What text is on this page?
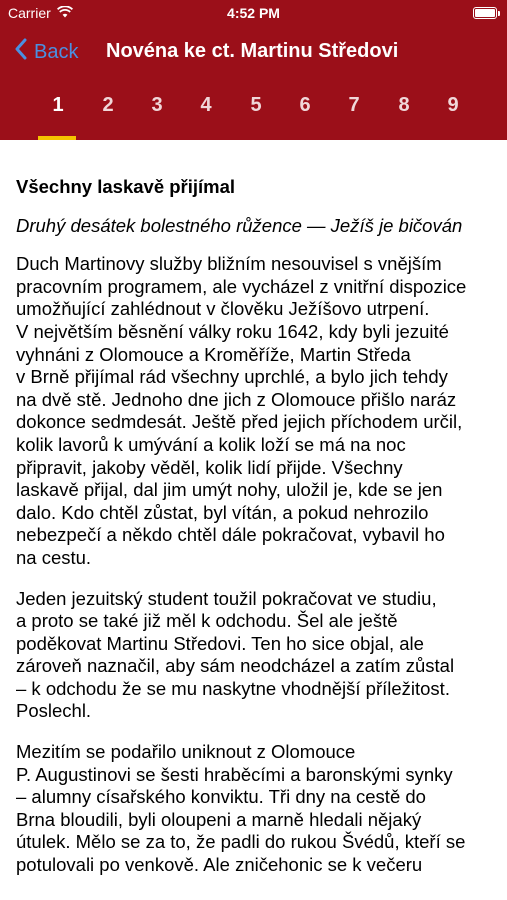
Carrier	4:52 PM
Back Novéna ke ct. Martinu Středovi
1	2	3	4	5	6	7	8	9
Všechny laskavě přijímal
Druhý desátek bolestného růžence — Ježíš je bičován
Duch Martinovy služby bližním nesouvisel s vnějším
pracovním programem, ale vycházel z vnitřní dispozice
umožňující zahlédnout v člověku Ježíšovo utrpení.
V největším běsnění války roku 1642, kdy byli jezuité
vyhnáni z Olomouce a Kroměříže, Martin Středa
v Brně přijímal rád všechny uprchlé, a bylo jich tehdy
na dvě stě. Jednoho dne jich z Olomouce přišlo naráz
dokonce sedmdesát. Ještě před jejich příchodem určil,
kolik lavorů k umývání a kolik loží se má na noc
připravit, jakoby věděl, kolik lidí přijde. Všechny
laskavě přijal, dal jim umýt nohy, uložil je, kde se jen
dalo. Kdo chtěl zůstat, byl vítán, a pokud nehrozilo
nebezpečí a někdo chtěl dále pokračovat, vybavil ho
na cestu.
Jeden jezuitský student toužil pokračovat ve studiu,
a proto se také již měl k odchodu. Šel ale ještě
poděkovat Martinu Středovi. Ten ho sice objal, ale
zároveň naznačil, aby sám neodcházel a zatím zůstal
– k odchodu že se mu naskytne vhodnější příležitost.
Poslechl.
Mezitím se podařilo uniknout z Olomouce
P. Augustinovi se šesti hraběcími a baronskými synky
– alumny císařského konviktu. Tři dny na cestě do
Brna bloudili, byli oloupeni a marně hledali nějaký
útulek. Mělo se za to, že padli do rukou Švédů, kteří se
potulovali po venkově. Ale zničehonic se k večeru
